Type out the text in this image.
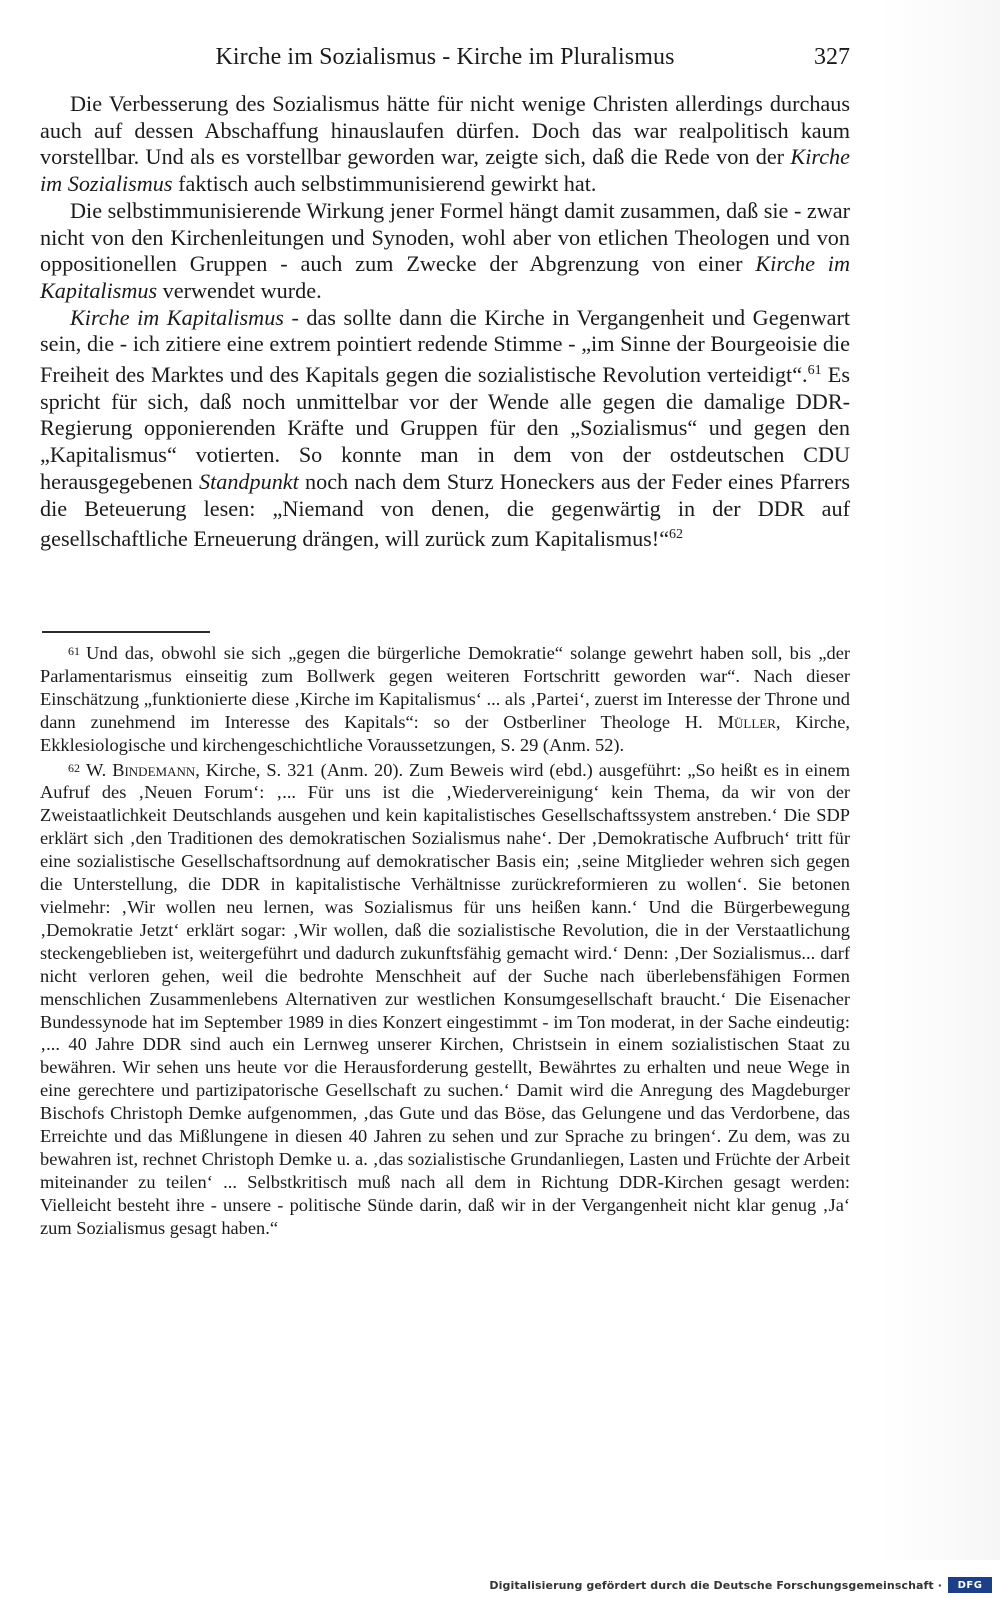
Kirche im Sozialismus - Kirche im Pluralismus	327

Die Verbesserung des Sozialismus hätte für nicht wenige Christen allerdings durchaus auch auf dessen Abschaffung hinauslaufen dürfen. Doch das war realpolitisch kaum vorstellbar. Und als es vorstellbar geworden war, zeigte sich, daß die Rede von der Kirche im Sozialismus faktisch auch selbstimmunisierend gewirkt hat.

Die selbstimmunisierende Wirkung jener Formel hängt damit zusammen, daß sie - zwar nicht von den Kirchenleitungen und Synoden, wohl aber von etlichen Theologen und von oppositionellen Gruppen - auch zum Zwecke der Abgrenzung von einer Kirche im Kapitalismus verwendet wurde.

Kirche im Kapitalismus - das sollte dann die Kirche in Vergangenheit und Gegenwart sein, die - ich zitiere eine extrem pointiert redende Stimme - „im Sinne der Bourgeoisie die Freiheit des Marktes und des Kapitals gegen die sozialistische Revolution verteidigt“.$^{61}$ Es spricht für sich, daß noch unmittelbar vor der Wende alle gegen die damalige DDR-Regierung opponierenden Kräfte und Gruppen für den „Sozialismus“ und gegen den „Kapitalismus“ votierten. So konnte man in dem von der ostdeutschen CDU herausgegebenen Standpunkt noch nach dem Sturz Honeckers aus der Feder eines Pfarrers die Beteuerung lesen: „Niemand von denen, die gegenwärtig in der DDR auf gesellschaftliche Erneuerung drängen, will zurück zum Kapitalismus!“$^{62}$

$^{61}$ Und das, obwohl sie sich „gegen die bürgerliche Demokratie“ solange gewehrt haben soll, bis „der Parlamentarismus einseitig zum Bollwerk gegen weiteren Fortschritt geworden war“. Nach dieser Einschätzung „funktionierte diese ‚Kirche im Kapitalismus‘ ... als ‚Partei‘, zuerst im Interesse der Throne und dann zunehmend im Interesse des Kapitals“: so der Ostberliner Theologe H. Müller, Kirche, Ekklesiologische und kirchengeschichtliche Voraussetzungen, S. 29 (Anm. 52).

$^{62}$ W. Bindemann, Kirche, S. 321 (Anm. 20). Zum Beweis wird (ebd.) ausgeführt: „So heißt es in einem Aufruf des ‚Neuen Forum‘: ‚... Für uns ist die ‚Wiedervereinigung‘ kein Thema, da wir von der Zweistaatlichkeit Deutschlands ausgehen und kein kapitalistisches Gesellschaftssystem anstreben.‘ Die SDP erklärt sich ‚den Traditionen des demokratischen Sozialismus nahe‘. Der ‚Demokratische Aufbruch‘ tritt für eine sozialistische Gesellschaftsordnung auf demokratischer Basis ein; ‚seine Mitglieder wehren sich gegen die Unterstellung, die DDR in kapitalistische Verhältnisse zurückreformieren zu wollen‘. Sie betonen vielmehr: ‚Wir wollen neu lernen, was Sozialismus für uns heißen kann.‘ Und die Bürgerbewegung ‚Demokratie Jetzt‘ erklärt sogar: ‚Wir wollen, daß die sozialistische Revolution, die in der Verstaatlichung steckengeblieben ist, weitergeführt und dadurch zukunftsfähig gemacht wird.‘ Denn: ‚Der Sozialismus... darf nicht verloren gehen, weil die bedrohte Menschheit auf der Suche nach überlebensfähigen Formen menschlichen Zusammenlebens Alternativen zur westlichen Konsumgesellschaft braucht.‘ Die Eisenacher Bundessynode hat im September 1989 in dies Konzert eingestimmt - im Ton moderat, in der Sache eindeutig: ‚... 40 Jahre DDR sind auch ein Lernweg unserer Kirchen, Christsein in einem sozialistischen Staat zu bewähren. Wir sehen uns heute vor die Herausforderung gestellt, Bewährtes zu erhalten und neue Wege in eine gerechtere und partizipatorische Gesellschaft zu suchen.‘ Damit wird die Anregung des Magdeburger Bischofs Christoph Demke aufgenommen, ‚das Gute und das Böse, das Gelungene und das Verdorbene, das Erreichte und das Mißlungene in diesen 40 Jahren zu sehen und zur Sprache zu bringen‘. Zu dem, was zu bewahren ist, rechnet Christoph Demke u. a. ‚das sozialistische Grundanliegen, Lasten und Früchte der Arbeit miteinander zu teilen‘ ... Selbstkritisch muß nach all dem in Richtung DDR-Kirchen gesagt werden: Vielleicht besteht ihre - unsere - politische Sünde darin, daß wir in der Vergangenheit nicht klar genug ‚Ja‘ zum Sozialismus gesagt haben.“

Digitalisierung gefördert durch die Deutsche Forschungsgemeinschaft ·	DFG
